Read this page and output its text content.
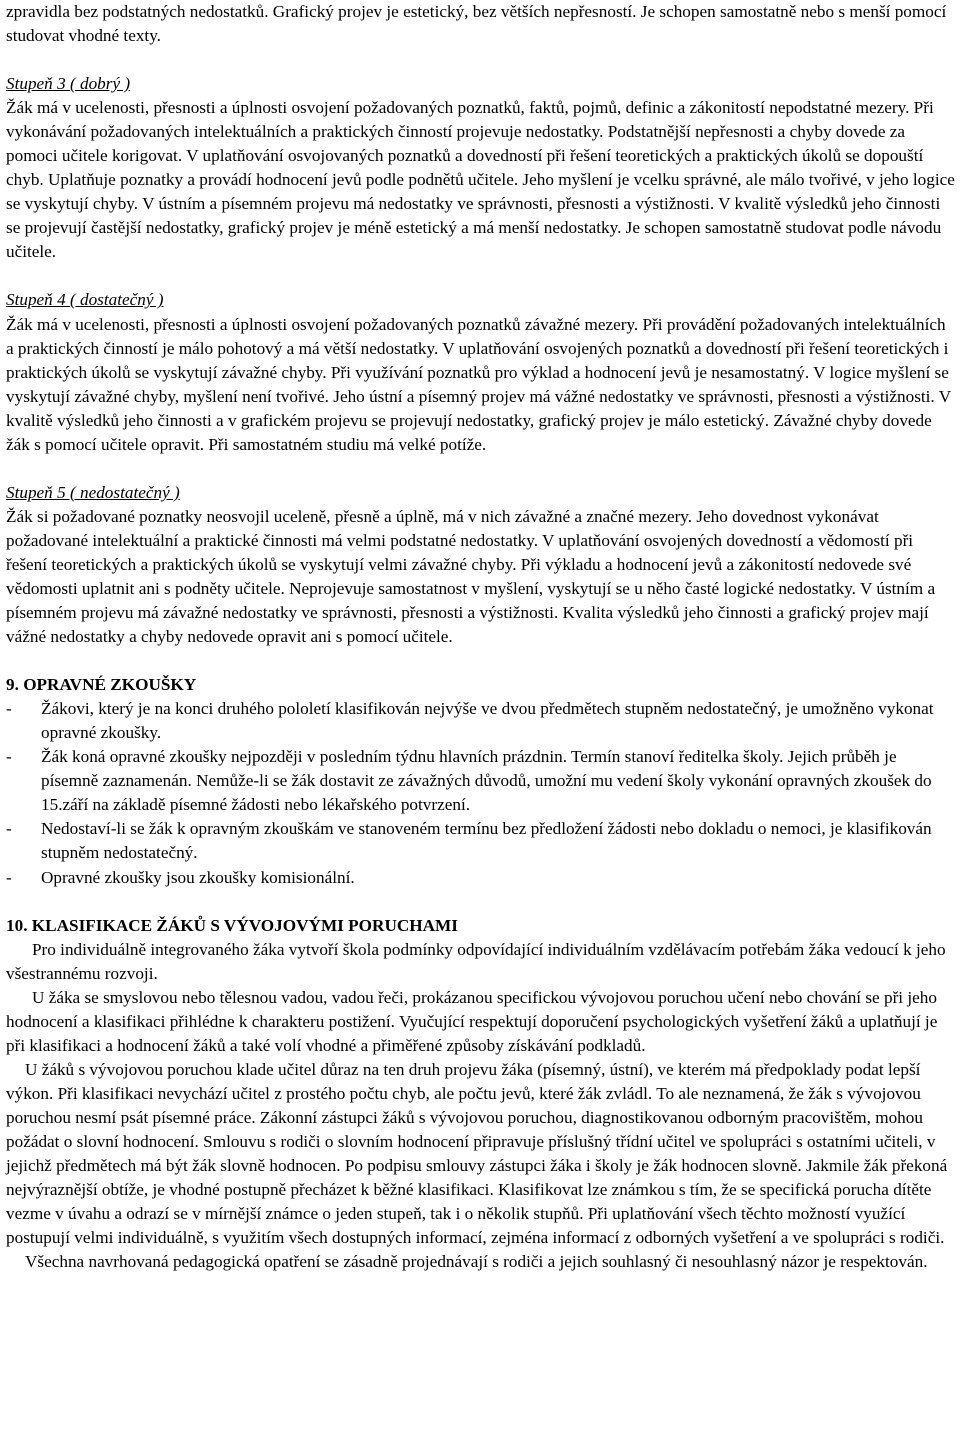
zpravidla bez podstatných nedostatků. Grafický projev je estetický, bez větších nepřesností. Je schopen samostatně nebo s menší pomocí studovat vhodné texty.

Stupeň 3 ( dobrý )

Žák má v ucelenosti, přesnosti a úplnosti osvojení požadovaných poznatků, faktů, pojmů, definic a zákonitostí nepodstatné mezery. Při vykonávání požadovaných intelektuálních a praktických činností projevuje nedostatky. Podstatnější nepřesnosti a chyby dovede za pomoci učitele korigovat. V uplatňování osvojovaných poznatků a dovedností při řešení teoretických a praktických úkolů se dopouští chyb. Uplatňuje poznatky a provádí hodnocení jevů podle podnětů učitele. Jeho myšlení je vcelku správné, ale málo tvořivé, v jeho logice se vyskytují chyby. V ústním a písemném projevu má nedostatky ve správnosti, přesnosti a výstižnosti. V kvalitě výsledků jeho činnosti se projevují častější nedostatky, grafický projev je méně estetický a má menší nedostatky. Je schopen samostatně studovat podle návodu učitele.

Stupeň 4 ( dostatečný )

Žák má v ucelenosti, přesnosti a úplnosti osvojení požadovaných poznatků závažné mezery. Při provádění požadovaných intelektuálních a praktických činností je málo pohotový a má větší nedostatky. V uplatňování osvojených poznatků a dovedností při řešení teoretických i praktických úkolů se vyskytují závažné chyby. Při využívání poznatků pro výklad a hodnocení jevů je nesamostatný. V logice myšlení se vyskytují závažné chyby, myšlení není tvořivé. Jeho ústní a písemný projev má vážné nedostatky ve správnosti, přesnosti a výstižnosti. V kvalitě výsledků jeho činnosti a v grafickém projevu se projevují nedostatky, grafický projev je málo estetický. Závažné chyby dovede žák s pomocí učitele opravit. Při samostatném studiu má velké potíže.

Stupeň 5 ( nedostatečný )

Žák si požadované poznatky neosvojil uceleně, přesně a úplně, má v nich závažné a značné mezery. Jeho dovednost vykonávat požadované intelektuální a praktické činnosti má velmi podstatné nedostatky. V uplatňování osvojených dovedností a vědomostí při řešení teoretických a praktických úkolů se vyskytují velmi závažné chyby. Při výkladu a hodnocení jevů a zákonitostí nedovede své vědomosti uplatnit ani s podněty učitele. Neprojevuje samostatnost v myšlení, vyskytují se u něho časté logické nedostatky. V ústním a písemném projevu má závažné nedostatky ve správnosti, přesnosti a výstižnosti. Kvalita výsledků jeho činnosti a grafický projev mají vážné nedostatky a chyby nedovede opravit ani s pomocí učitele.

9. OPRAVNÉ ZKOUŠKY

- Žákovi, který je na konci druhého pololetí klasifikován nejvýše ve dvou předmětech stupněm nedostatečný, je umožněno vykonat opravné zkoušky.
- Žák koná opravné zkoušky nejpozději v posledním týdnu hlavních prázdnin. Termín stanoví ředitelka školy. Jejich průběh je písemně zaznamenán. Nemůže-li se žák dostavit ze závažných důvodů, umožní mu vedení školy vykonání opravných zkoušek do 15.září na základě písemné žádosti nebo lékařského potvrzení.
- Nedostaví-li se žák k opravným zkouškám ve stanoveném termínu bez předložení žádosti nebo dokladu o nemoci, je klasifikován stupněm nedostatečný.
- Opravné zkoušky jsou zkoušky komisionální.

10. KLASIFIKACE ŽÁKŮ S VÝVOJOVÝMI PORUCHAMI

Pro individuálně integrovaného žáka vytvoří škola podmínky odpovídající individuálním vzdělávacím potřebám žáka vedoucí k jeho všestrannému rozvoji.

U žáka se smyslovou nebo tělesnou vadou, vadou řeči, prokázanou specifickou vývojovou poruchou učení nebo chování se při jeho hodnocení a klasifikaci přihlédne k charakteru postižení. Vyučující respektují doporučení psychologických vyšetření žáků a uplatňují je při klasifikaci a hodnocení žáků a také volí vhodné a přiměřené způsoby získávání podkladů.

U žáků s vývojovou poruchou klade učitel důraz na ten druh projevu žáka (písemný, ústní), ve kterém má předpoklady podat lepší výkon. Při klasifikaci nevychází učitel z prostého počtu chyb, ale počtu jevů, které žák zvládl. To ale neznamená, že žák s vývojovou poruchou nesmí psát písemné práce. Zákonní zástupci žáků s vývojovou poruchou, diagnostikovanou odborným pracovištěm, mohou požádat o slovní hodnocení. Smlouvu s rodiči o slovním hodnocení připravuje příslušný třídní učitel ve spolupráci s ostatními učiteli, v jejichž předmětech má být žák slovně hodnocen. Po podpisu smlouvy zástupci žáka i školy je žák hodnocen slovně. Jakmile žák překoná nejvýraznější obtíže, je vhodné postupně přecházet k běžné klasifikaci. Klasifikovat lze známkou s tím, že se specifická porucha dítěte vezme v úvahu a odrazí se v mírnější známce o jeden stupeň, tak i o několik stupňů. Při uplatňování všech těchto možností využící postupují velmi individuálně, s využitím všech dostupných informací, zejména informací z odborných vyšetření a ve spolupráci s rodiči.

Všechna navrhovaná pedagogická opatření se zásadně projednávají s rodiči a jejich souhlasný či nesouhlasný názor je respektován.
